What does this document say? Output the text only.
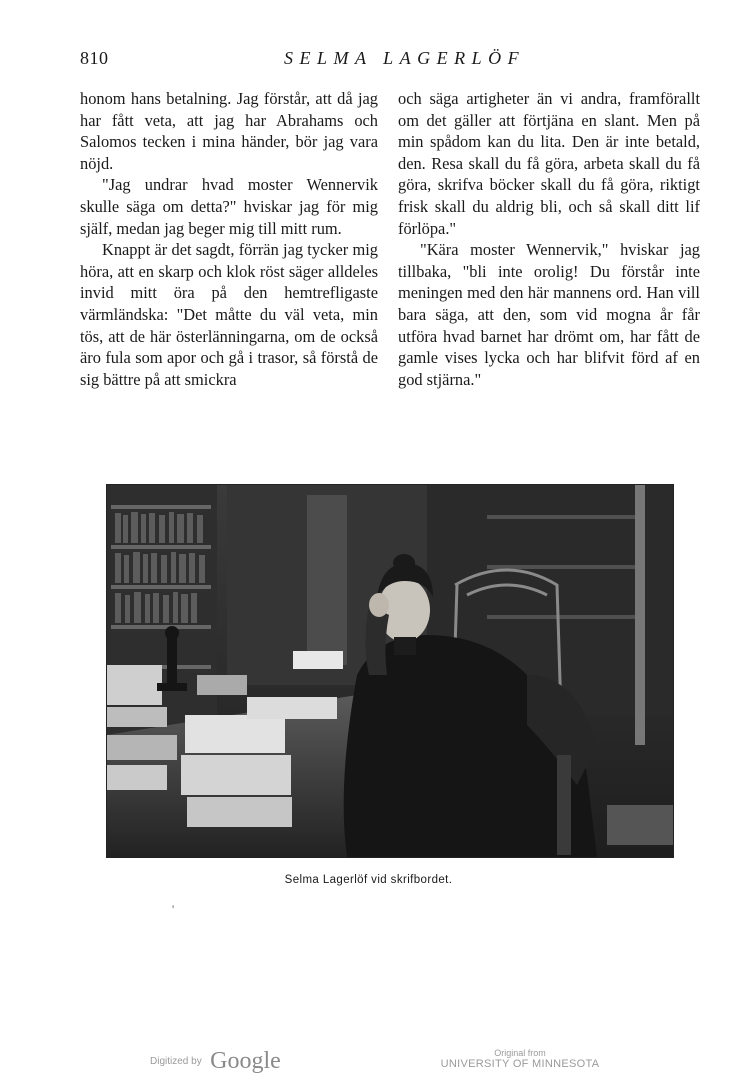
810	SELMA LAGERLÖF

honom hans betalning. Jag förstår, att då jag har fått veta, att jag har Abrahams och Salomos tecken i mina händer, bör jag vara nöjd.

"Jag undrar hvad moster Wennervik skulle säga om detta?" hviskar jag för mig själf, medan jag beger mig till mitt rum.

Knappt är det sagdt, förrän jag tycker mig höra, att en skarp och klok röst säger alldeles invid mitt öra på den hemtrefligaste värmländska: "Det måtte du väl veta, min tös, att de här österlänningarna, om de också äro fula som apor och gå i trasor, så förstå de sig bättre på att smickra

och säga artigheter än vi andra, framförallt om det gäller att förtjäna en slant. Men på min spådom kan du lita. Den är inte betald, den. Resa skall du få göra, arbeta skall du få göra, skrifva böcker skall du få göra, riktigt frisk skall du aldrig bli, och så skall ditt lif förlöpa."

"Kära moster Wennervik," hviskar jag tillbaka, "bli inte orolig! Du förstår inte meningen med den här mannens ord. Han vill bara säga, att den, som vid mogna år får utföra hvad barnet har drömt om, har fått de gamle vises lycka och har blifvit förd af en god stjärna."

Selma Lagerlöf vid skrifbordet.
'
Digitized by Google	Original from
UNIVERSITY OF MINNESOTA
